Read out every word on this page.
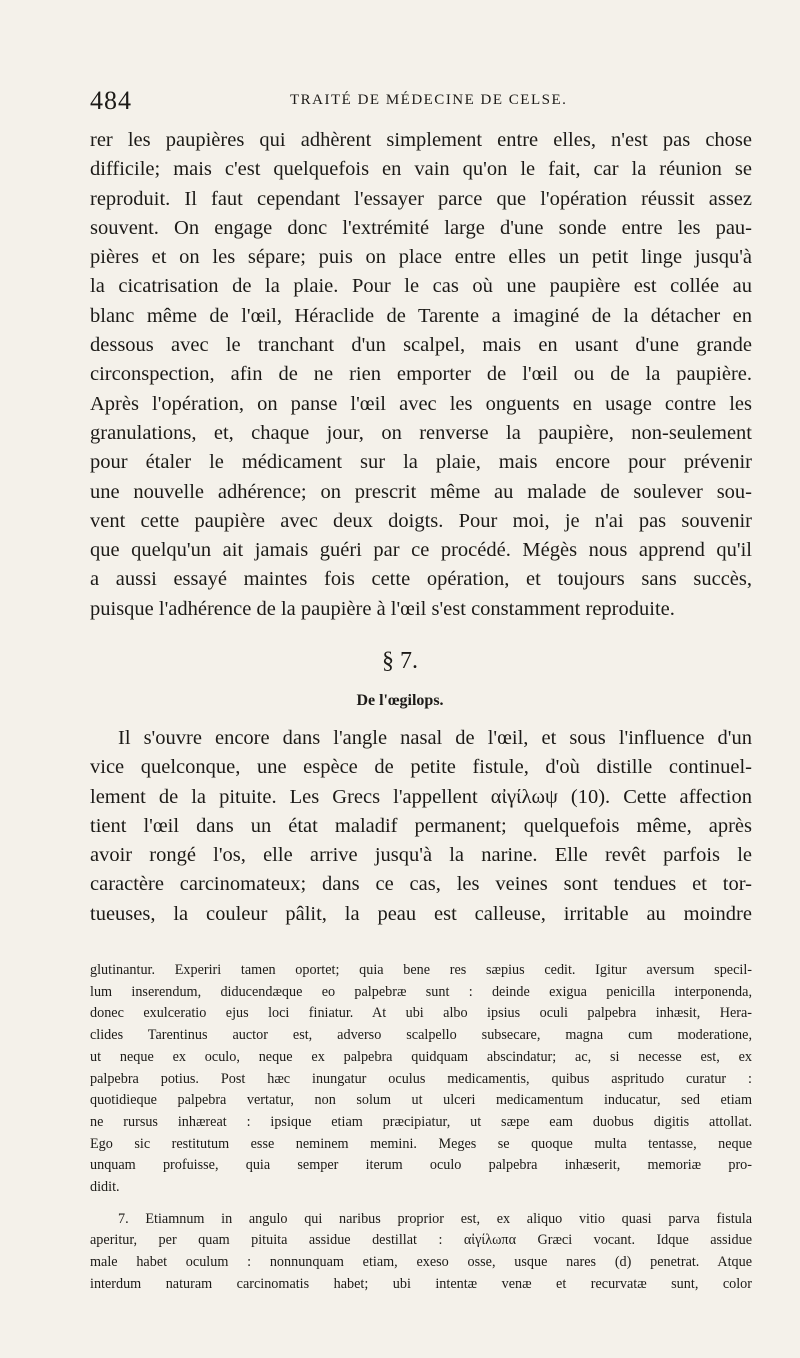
484	TRAITÉ DE MÉDECINE DE CELSE.
rer les paupières qui adhèrent simplement entre elles, n'est pas chose
difficile; mais c'est quelquefois en vain qu'on le fait, car la réunion se
reproduit. Il faut cependant l'essayer parce que l'opération réussit assez
souvent. On engage donc l'extrémité large d'une sonde entre les pau-
pières et on les sépare; puis on place entre elles un petit linge jusqu'à
la cicatrisation de la plaie. Pour le cas où une paupière est collée au
blanc même de l'œil, Héraclide de Tarente a imaginé de la détacher en
dessous avec le tranchant d'un scalpel, mais en usant d'une grande
circonspection, afin de ne rien emporter de l'œil ou de la paupière.
Après l'opération, on panse l'œil avec les onguents en usage contre les
granulations, et, chaque jour, on renverse la paupière, non-seulement
pour étaler le médicament sur la plaie, mais encore pour prévenir
une nouvelle adhérence; on prescrit même au malade de soulever sou-
vent cette paupière avec deux doigts. Pour moi, je n'ai pas souvenir
que quelqu'un ait jamais guéri par ce procédé. Mégès nous apprend qu'il
a aussi essayé maintes fois cette opération, et toujours sans succès,
puisque l'adhérence de la paupière à l'œil s'est constamment reproduite.
§ 7.
De l'œgilops.
Il s'ouvre encore dans l'angle nasal de l'œil, et sous l'influence d'un
vice quelconque, une espèce de petite fistule, d'où distille continuel-
lement de la pituite. Les Grecs l'appellent αἰγίλωψ (10). Cette affection
tient l'œil dans un état maladif permanent; quelquefois même, après
avoir rongé l'os, elle arrive jusqu'à la narine. Elle revêt parfois le
caractère carcinomateux; dans ce cas, les veines sont tendues et tor-
tueuses, la couleur pâlit, la peau est calleuse, irritable au moindre
glutinantur. Experiri tamen oportet; quia bene res sæpius cedit. Igitur aversum specil-
lum inserendum, diducendæque eo palpebræ sunt : deinde exigua penicilla interponenda,
donec exulceratio ejus loci finiatur. At ubi albo ipsius oculi palpebra inhæsit, Hera-
clides Tarentinus auctor est, adverso scalpello subsecare, magna cum moderatione,
ut neque ex oculo, neque ex palpebra quidquam abscindatur; ac, si necesse est, ex
palpebra potius. Post hæc inungatur oculus medicamentis, quibus aspritudo curatur :
quotidieque palpebra vertatur, non solum ut ulceri medicamentum inducatur, sed etiam
ne rursus inhæreat : ipsique etiam præcipiatur, ut sæpe eam duobus digitis attollat.
Ego sic restitutum esse neminem memini. Meges se quoque multa tentasse, neque
unquam profuisse, quia semper iterum oculo palpebra inhæserit, memoriæ pro-
didit.
7. Etiamnum in angulo qui naribus proprior est, ex aliquo vitio quasi parva fistula
aperitur, per quam pituita assidue destillat : αἰγίλωπα Græci vocant. Idque assidue
male habet oculum : nonnunquam etiam, exeso osse, usque nares (d) penetrat. Atque
interdum naturam carcinomatis habet; ubi intentæ venæ et recurvatæ sunt, color
